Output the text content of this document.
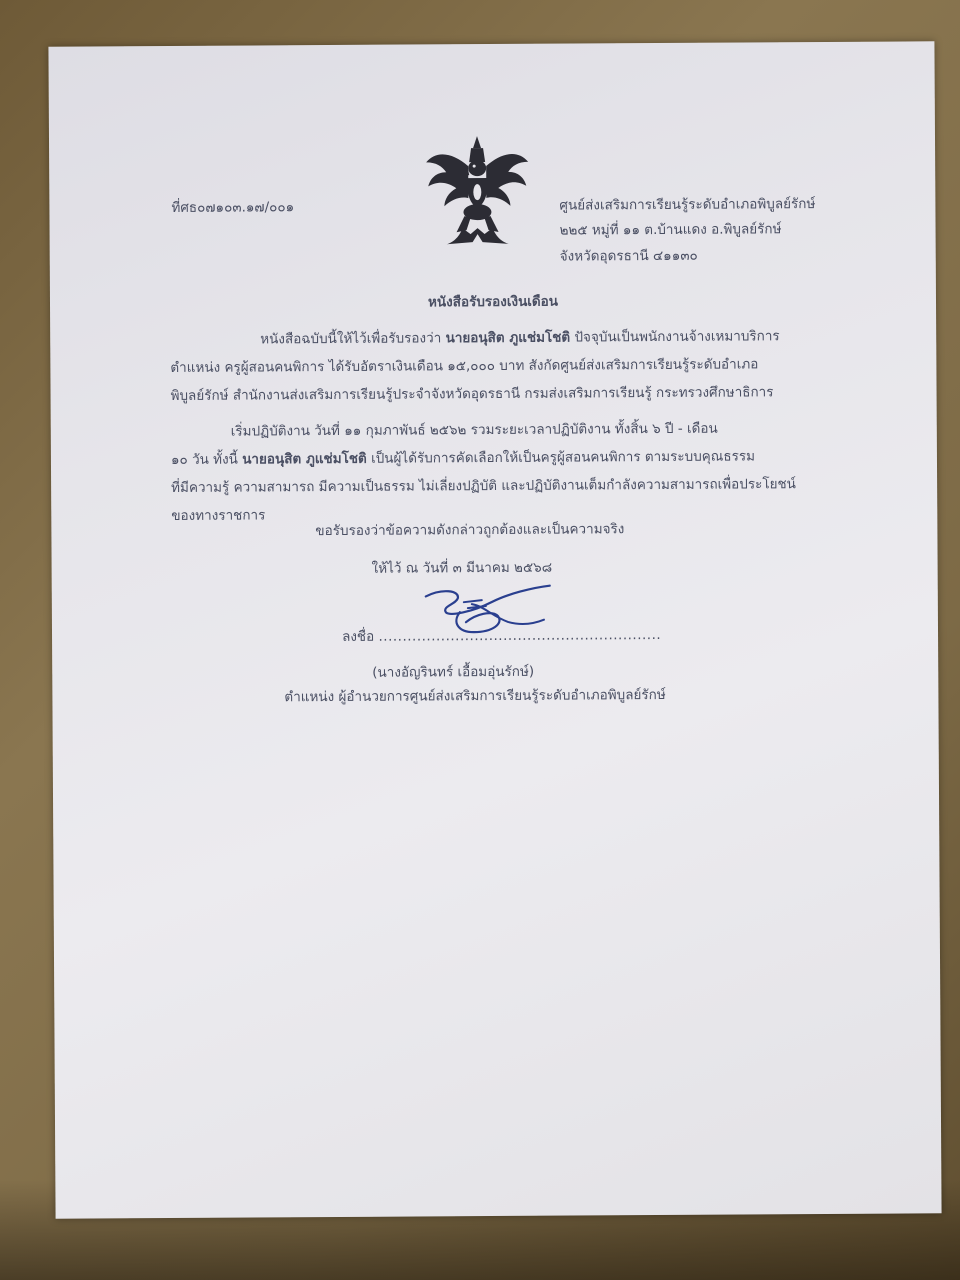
ที่ศธ๐๗๑๐๓.๑๗/๐๐๑	ศูนย์ส่งเสริมการเรียนรู้ระดับอำเภอพิบูลย์รักษ์
๒๒๕ หมู่ที่ ๑๑ ต.บ้านแดง อ.พิบูลย์รักษ์
จังหวัดอุดรธานี ๔๑๑๓๐
หนังสือรับรองเงินเดือน
หนังสือฉบับนี้ให้ไว้เพื่อรับรองว่า นายอนุสิต ภูแช่มโชติ ปัจจุบันเป็นพนักงานจ้างเหมาบริการ
ตำแหน่ง ครูผู้สอนคนพิการ ได้รับอัตราเงินเดือน ๑๕,๐๐๐ บาท สังกัดศูนย์ส่งเสริมการเรียนรู้ระดับอำเภอ
พิบูลย์รักษ์ สำนักงานส่งเสริมการเรียนรู้ประจำจังหวัดอุดรธานี กรมส่งเสริมการเรียนรู้ กระทรวงศึกษาธิการ
เริ่มปฏิบัติงาน วันที่ ๑๑ กุมภาพันธ์ ๒๕๖๒ รวมระยะเวลาปฏิบัติงาน ทั้งสิ้น ๖ ปี - เดือน
๑๐ วัน ทั้งนี้ นายอนุสิต ภูแช่มโชติ เป็นผู้ได้รับการคัดเลือกให้เป็นครูผู้สอนคนพิการ ตามระบบคุณธรรม
ที่มีความรู้ ความสามารถ มีความเป็นธรรม ไม่เลี่ยงปฏิบัติ และปฏิบัติงานเต็มกำลังความสามารถเพื่อประโยชน์
ของทางราชการ
ขอรับรองว่าข้อความดังกล่าวถูกต้องและเป็นความจริง
ให้ไว้ ณ วันที่ ๓ มีนาคม ๒๕๖๘
ลงชื่อ ...........................................................
(นางอัญรินทร์ เอื้อมอุ่นรักษ์)
ตำแหน่ง ผู้อำนวยการศูนย์ส่งเสริมการเรียนรู้ระดับอำเภอพิบูลย์รักษ์
